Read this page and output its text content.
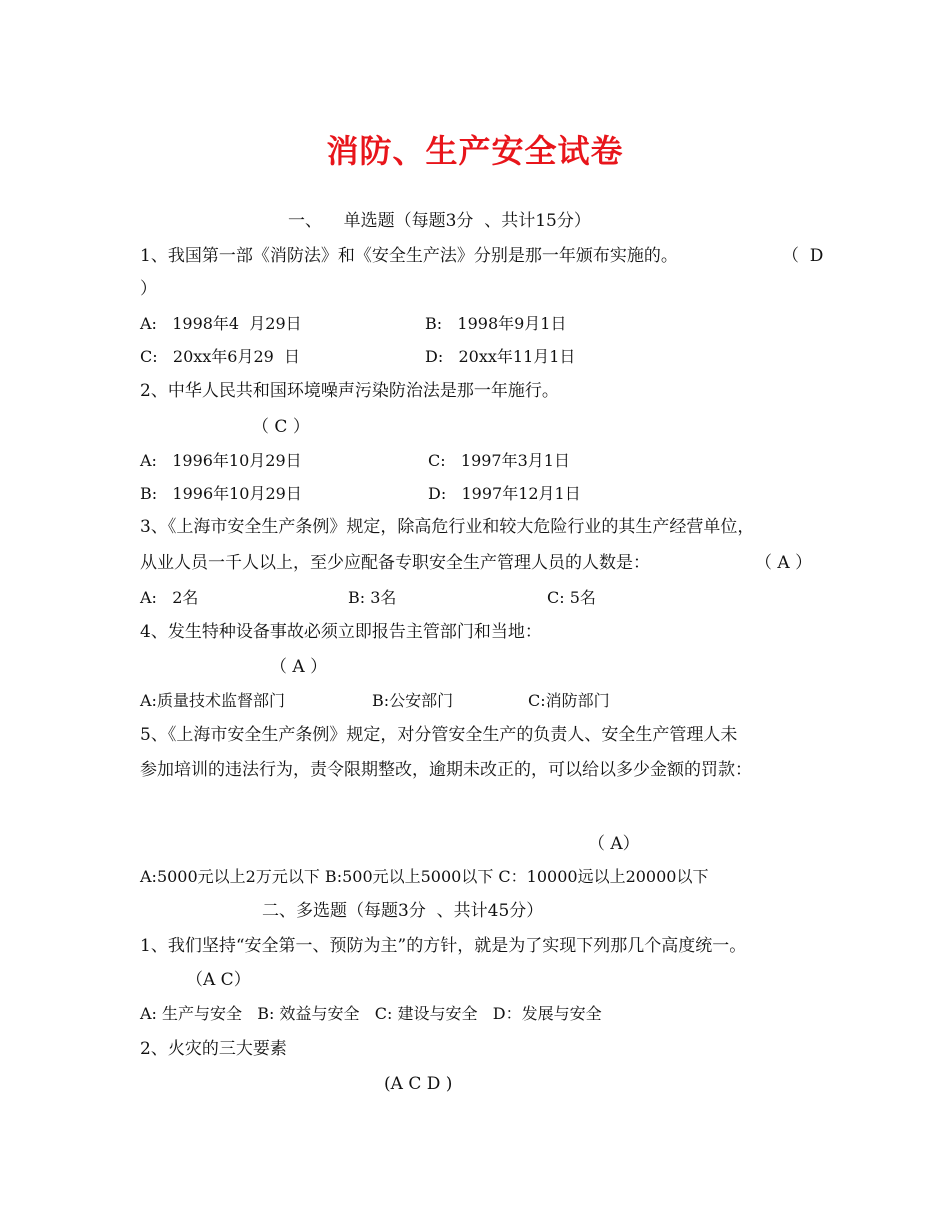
消防、生产安全试卷
一、    单选题（每题3分  、共计15分）
1、我国第一部《消防法》和《安全生产法》分别是那一年颁布实施的。	（  D
）
A:   1998年4  月29日	B:   1998年9月1日
C:   20xx年6月29  日	D:   20xx年11月1日
2、中华人民共和国环境噪声污染防治法是那一年施行。
（ C ）
A:   1996年10月29日	C:   1997年3月1日
B:   1996年10月29日	D:   1997年12月1日
3、《上海市安全生产条例》规定，除高危行业和较大危险行业的其生产经营单位，
从业人员一千人以上，至少应配备专职安全生产管理人员的人数是：	（ A ）
A:   2名	B: 3名	C: 5名
4、发生特种设备事故必须立即报告主管部门和当地：
（ A ）
A:质量技术监督部门	B:公安部门	C:消防部门
5、《上海市安全生产条例》规定，对分管安全生产的负责人、安全生产管理人未
参加培训的违法行为，责令限期整改，逾期未改正的，可以给以多少金额的罚款：
（ A）
A:5000元以上2万元以下 B:500元以上5000以下 C：10000远以上20000以下
二、多选题（每题3分  、共计45分）
1、我们坚持“安全第一、预防为主”的方针，就是为了实现下列那几个高度统一。
（A C）
A: 生产与安全   B: 效益与安全   C: 建设与安全   D：发展与安全
2、火灾的三大要素
(A C D )
